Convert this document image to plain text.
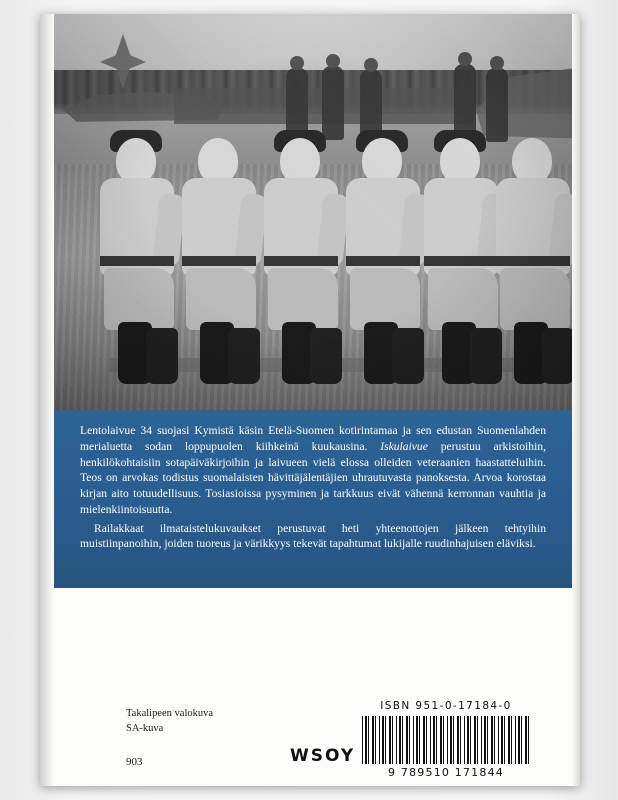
Lentolaivue 34 suojasi Kymistä käsin Etelä-Suomen kotirintamaa ja sen edustan Suomenlahden merialuetta sodan loppupuolen kiihkeinä kuukausina. Iskulaivue perustuu arkistoihin, henkilökohtaisiin sotapäiväkirjoihin ja laivueen vielä elossa olleiden veteraanien haastatteluihin. Teos on arvokas todistus suomalaisten hävittäjälentäjien uhrautuvasta panoksesta. Arvoa korostaa kirjan aito totuudellisuus. Tosiasioissa pysyminen ja tarkkuus eivät vähennä kerronnan vauhtia ja mielenkiintoisuutta.

Railakkaat ilmataistelukuvaukset perustuvat heti yhteenottojen jälkeen tehtyihin muistiinpanoihin, joiden tuoreus ja värikkyys tekevät tapahtumat lukijalle ruudinhajuisen eläviksi.

Takalipeen valokuva
SA-kuva
903	WSOY
ISBN 951-0-17184-0
9 789510 171844
